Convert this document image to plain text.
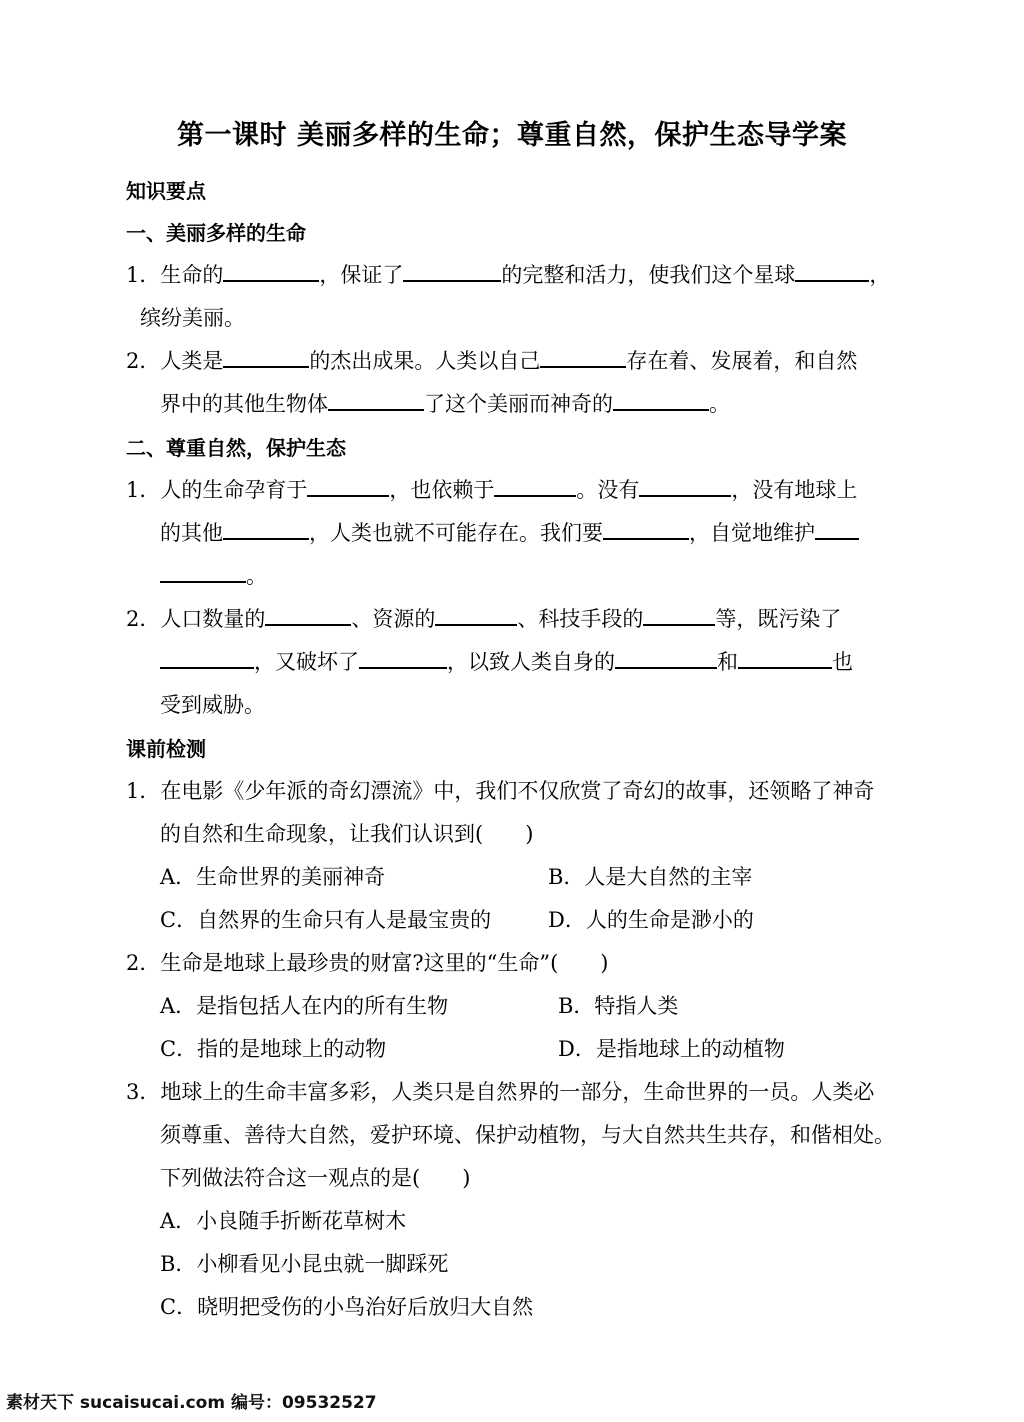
第一课时 美丽多样的生命；尊重自然，保护生态导学案
知识要点
一、美丽多样的生命
1．生命的	，保证了	的完整和活力，使我们这个星球	，
缤纷美丽。
2．人类是	的杰出成果。人类以自己	存在着、发展着，和自然
界中的其他生物体	了这个美丽而神奇的	。
二、尊重自然，保护生态
1．人的生命孕育于	，也依赖于	。没有	，没有地球上
的其他	，人类也就不可能存在。我们要	，自觉地维护
。
2．人口数量的	、资源的	、科技手段的	等，既污染了
，又破坏了	，以致人类自身的	和	也
受到威胁。
课前检测
1．在电影《少年派的奇幻漂流》中，我们不仅欣赏了奇幻的故事，还领略了神奇
的自然和生命现象，让我们认识到(　　)
A．生命世界的美丽神奇	B．人是大自然的主宰
C．自然界的生命只有人是最宝贵的	D．人的生命是渺小的
2．生命是地球上最珍贵的财富?这里的“生命”(　　)
A．是指包括人在内的所有生物	B．特指人类
C．指的是地球上的动物	D．是指地球上的动植物
3．地球上的生命丰富多彩，人类只是自然界的一部分，生命世界的一员。人类必
须尊重、善待大自然，爱护环境、保护动植物，与大自然共生共存，和偕相处。
下列做法符合这一观点的是(　　)
A．小良随手折断花草树木
B．小柳看见小昆虫就一脚踩死
C．晓明把受伤的小鸟治好后放归大自然
素材天下 sucaisucai.com 编号：09532527
